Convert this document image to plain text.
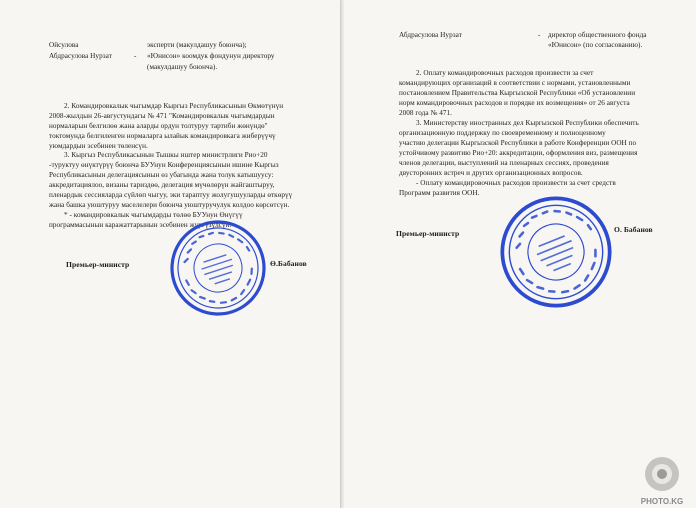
Ойсулова	эксперти (макулдашуу боюнча);
Абдрасулова Нурзат	- «Юнисон» коомдук фондунун директору
(макулдашуу боюнча).
2. Командировкалык чыгымдар Кыргыз Республикасынын Өкмөтүнүн
2008-жылдын 26-августундагы № 471 "Командировкалык чыгымдардын
нормаларын белгилөө жана аларды ордун толтуруу тартибн жөнүндө"
токтомунда белгиленген нормаларга ылайык командировкага жиберүүчү
уюмдардын эсебинен төленсүн.
3. Кыргыз Республикасынын Тышкы иштер министрлиги Рио+20
-туруктуу өнүктүрүү боюнча БУУнун Конференциясынын ишине Кыргыз
Республикасынын делегациясынын өз убагында жана толук катышуусу:
аккредитациялоо, визаны тариздөө, делегация мүчөлөрүн жайгаштыруу,
пленардык сессияларда сүйлөп чыгуу, эки тараптуу жолугушууларды өткөрүү
жана башка уюштуруу маселелери боюнча уюштуручулук колдоо көрсөтсүн.
* - командировкалык чыгымдарды төлөө БУУнун Өнүгүү
программасынын каражаттарынын эсебинен жүргүзүлсүн.
Премьер-министр	Ө.Бабанов
Абдрасулова Нурзат	- директор общественного фонда
«Юнисон» (по согласованию).
2. Оплату командировочных расходов произвести за счет
командирующих организаций в соответствии с нормами, установленными
постановлением Правительства Кыргызской Республики «Об установлении
норм командировочных расходов и порядке их возмещения» от 26 августа
2008 года № 471.
3. Министерству иностранных дел Кыргызской Республики обеспечить
организационную поддержку по своевременному и полноценному
участию делегации Кыргызской Республики в работе Конференции ООН по
устойчивому развитию Рио+20: аккредитации, оформления виз, размещения
членов делегации, выступлений на пленарных сессиях, проведения
двусторонних встреч и других организационных вопросов.
- Оплату командировочных расходов произвести за счет средств
Программ развития ООН.
Премьер-министр	О. Бабанов
PHOTO.KG
